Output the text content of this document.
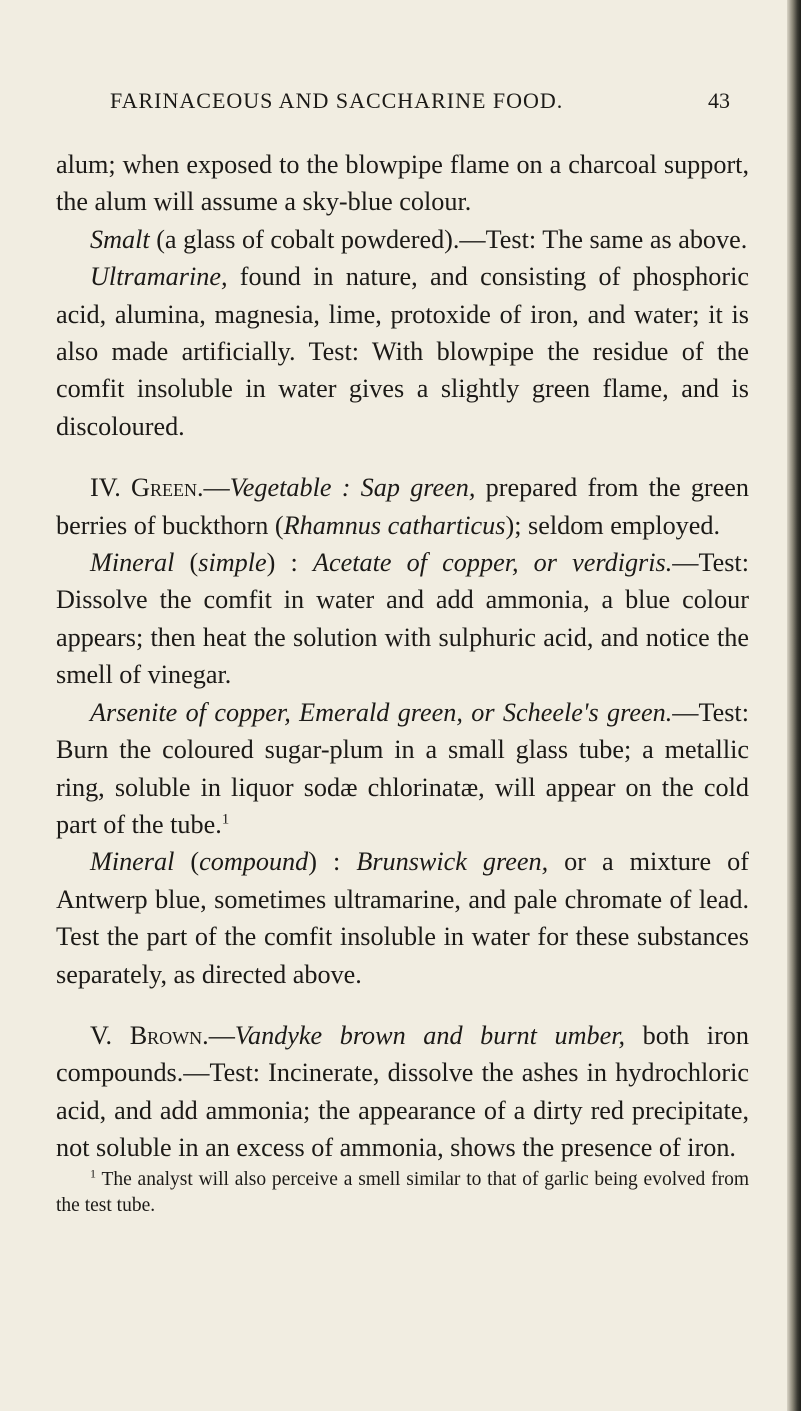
FARINACEOUS AND SACCHARINE FOOD.	43

alum; when exposed to the blowpipe flame on a charcoal support, the alum will assume a sky-blue colour.

Smalt (a glass of cobalt powdered).—Test: The same as above.

Ultramarine, found in nature, and consisting of phosphoric acid, alumina, magnesia, lime, protoxide of iron, and water; it is also made artificially. Test: With blowpipe the residue of the comfit insoluble in water gives a slightly green flame, and is discoloured.

IV. Green.—Vegetable : Sap green, prepared from the green berries of buckthorn (Rhamnus catharticus); seldom employed.

Mineral (simple) : Acetate of copper, or verdigris.—Test: Dissolve the comfit in water and add ammonia, a blue colour appears; then heat the solution with sulphuric acid, and notice the smell of vinegar.

Arsenite of copper, Emerald green, or Scheele's green.—Test: Burn the coloured sugar-plum in a small glass tube; a metallic ring, soluble in liquor sodæ chlorinatæ, will appear on the cold part of the tube.$^1$

Mineral (compound) : Brunswick green, or a mixture of Antwerp blue, sometimes ultramarine, and pale chromate of lead. Test the part of the comfit insoluble in water for these substances separately, as directed above.

V. Brown.—Vandyke brown and burnt umber, both iron compounds.—Test: Incinerate, dissolve the ashes in hydrochloric acid, and add ammonia; the appearance of a dirty red precipitate, not soluble in an excess of ammonia, shows the presence of iron.

$^1$ The analyst will also perceive a smell similar to that of garlic being evolved from the test tube.
